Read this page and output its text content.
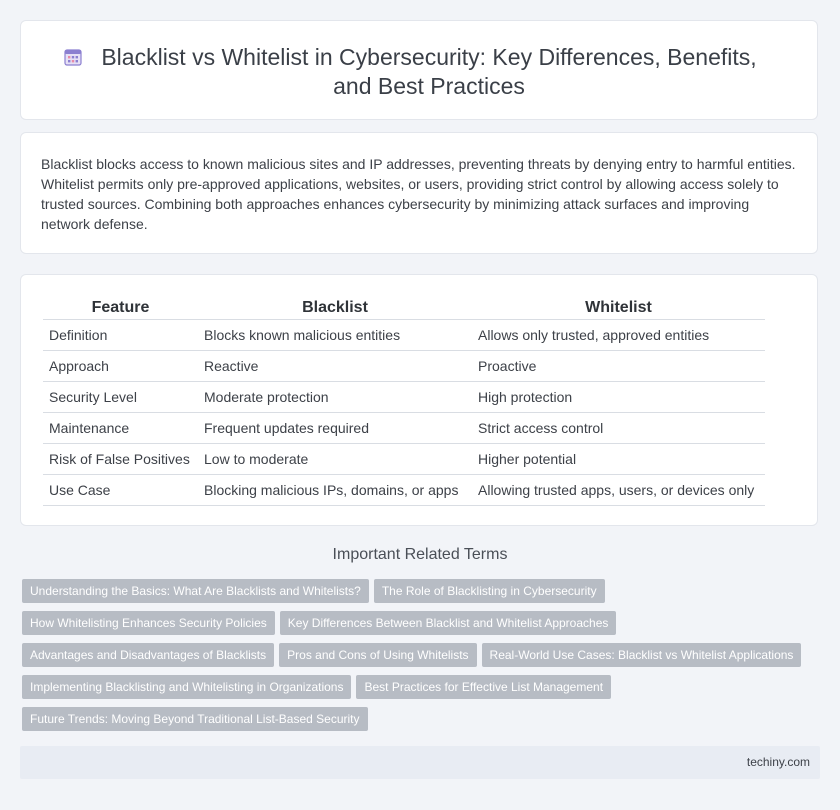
Blacklist vs Whitelist in Cybersecurity: Key Differences, Benefits, and Best Practices
Blacklist blocks access to known malicious sites and IP addresses, preventing threats by denying entry to harmful entities. Whitelist permits only pre-approved applications, websites, or users, providing strict control by allowing access solely to trusted sources. Combining both approaches enhances cybersecurity by minimizing attack surfaces and improving network defense.
Feature	Blacklist	Whitelist
Definition	Blocks known malicious entities	Allows only trusted, approved entities
Approach	Reactive	Proactive
Security Level	Moderate protection	High protection
Maintenance	Frequent updates required	Strict access control
Risk of False Positives	Low to moderate	Higher potential
Use Case	Blocking malicious IPs, domains, or apps	Allowing trusted apps, users, or devices only
Important Related Terms
Understanding the Basics: What Are Blacklists and Whitelists? The Role of Blacklisting in Cybersecurity
How Whitelisting Enhances Security Policies Key Differences Between Blacklist and Whitelist Approaches
Advantages and Disadvantages of Blacklists Pros and Cons of Using Whitelists Real-World Use Cases: Blacklist vs Whitelist Applications
Implementing Blacklisting and Whitelisting in Organizations Best Practices for Effective List Management
Future Trends: Moving Beyond Traditional List-Based Security
techiny.com
